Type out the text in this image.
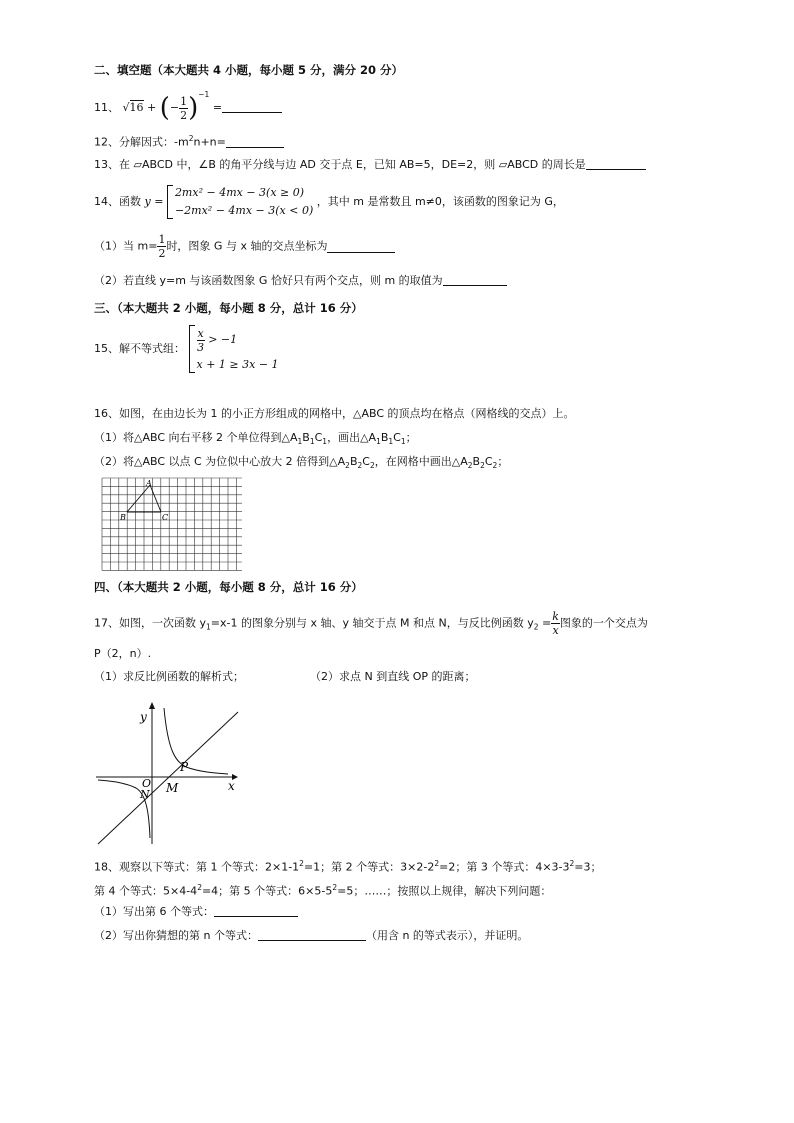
二、填空题（本大题共 4 小题，每小题 5 分，满分 20 分）
11、 √16 + (− $\frac{1}{2} )^{-1}$ =
12、分解因式：$-m^2n+n=$
13、在 ▱ABCD 中，∠B 的角平分线与边 AD 交于点 E，已知 AB=5，DE=2，则 ▱ABCD 的周长是
14、函数 y =
2mx² − 4mx − 3(x ≥ 0)
−2mx² − 4mx − 3(x < 0)
，其中 m 是常数且 m≠0，该函数的图象记为 G，
（1）当 $m= \frac{1}{2}$ 时，图象 G 与 x 轴的交点坐标为
（2）若直线 y=m 与该函数图象 G 恰好只有两个交点，则 m 的取值为
三、（本大题共 2 小题，每小题 8 分，总计 16 分）
15、解不等式组： $\frac{x}{3} > -1$
x + 1 ≥ 3x − 1
16、如图，在由边长为 1 的小正方形组成的网格中，△ABC 的顶点均在格点（网格线的交点）上。
（1）将△ABC 向右平移 2 个单位得到$\triangle A_1B_1C_1$，画出$\triangle A_1B_1C_1$；
（2）将△ABC 以点 C 为位似中心放大 2 倍得到$\triangle A_2B_2C_2$，在网格中画出$\triangle A_2B_2C_2$；
A
B	C
四、（本大题共 2 小题，每小题 8 分，总计 16 分）
17、如图，一次函数 $y_1=x-1$ 的图象分别与 x 轴、y 轴交于点 M 和点 N，与反比例函数 $y_2 = \frac{k}{x}$ 图象的一个交点为
P（2，n）.
（1）求反比例函数的解析式；	（2）求点 N 到直线 OP 的距离；
y
x
O
P
M
N
18、观察以下等式：第 1 个等式：$2\times 1-1^2=1$；第 2 个等式：$3\times 2-2^2=2$；第 3 个等式：$4\times 3-3^2=3$；
第 4 个等式：$5\times 4-4^2=4$；第 5 个等式：$6\times 5-5^2=5$；……；按照以上规律，解决下列问题：
（1）写出第 6 个等式：
（2）写出你猜想的第 n 个等式：	（用含 n 的等式表示），并证明。
